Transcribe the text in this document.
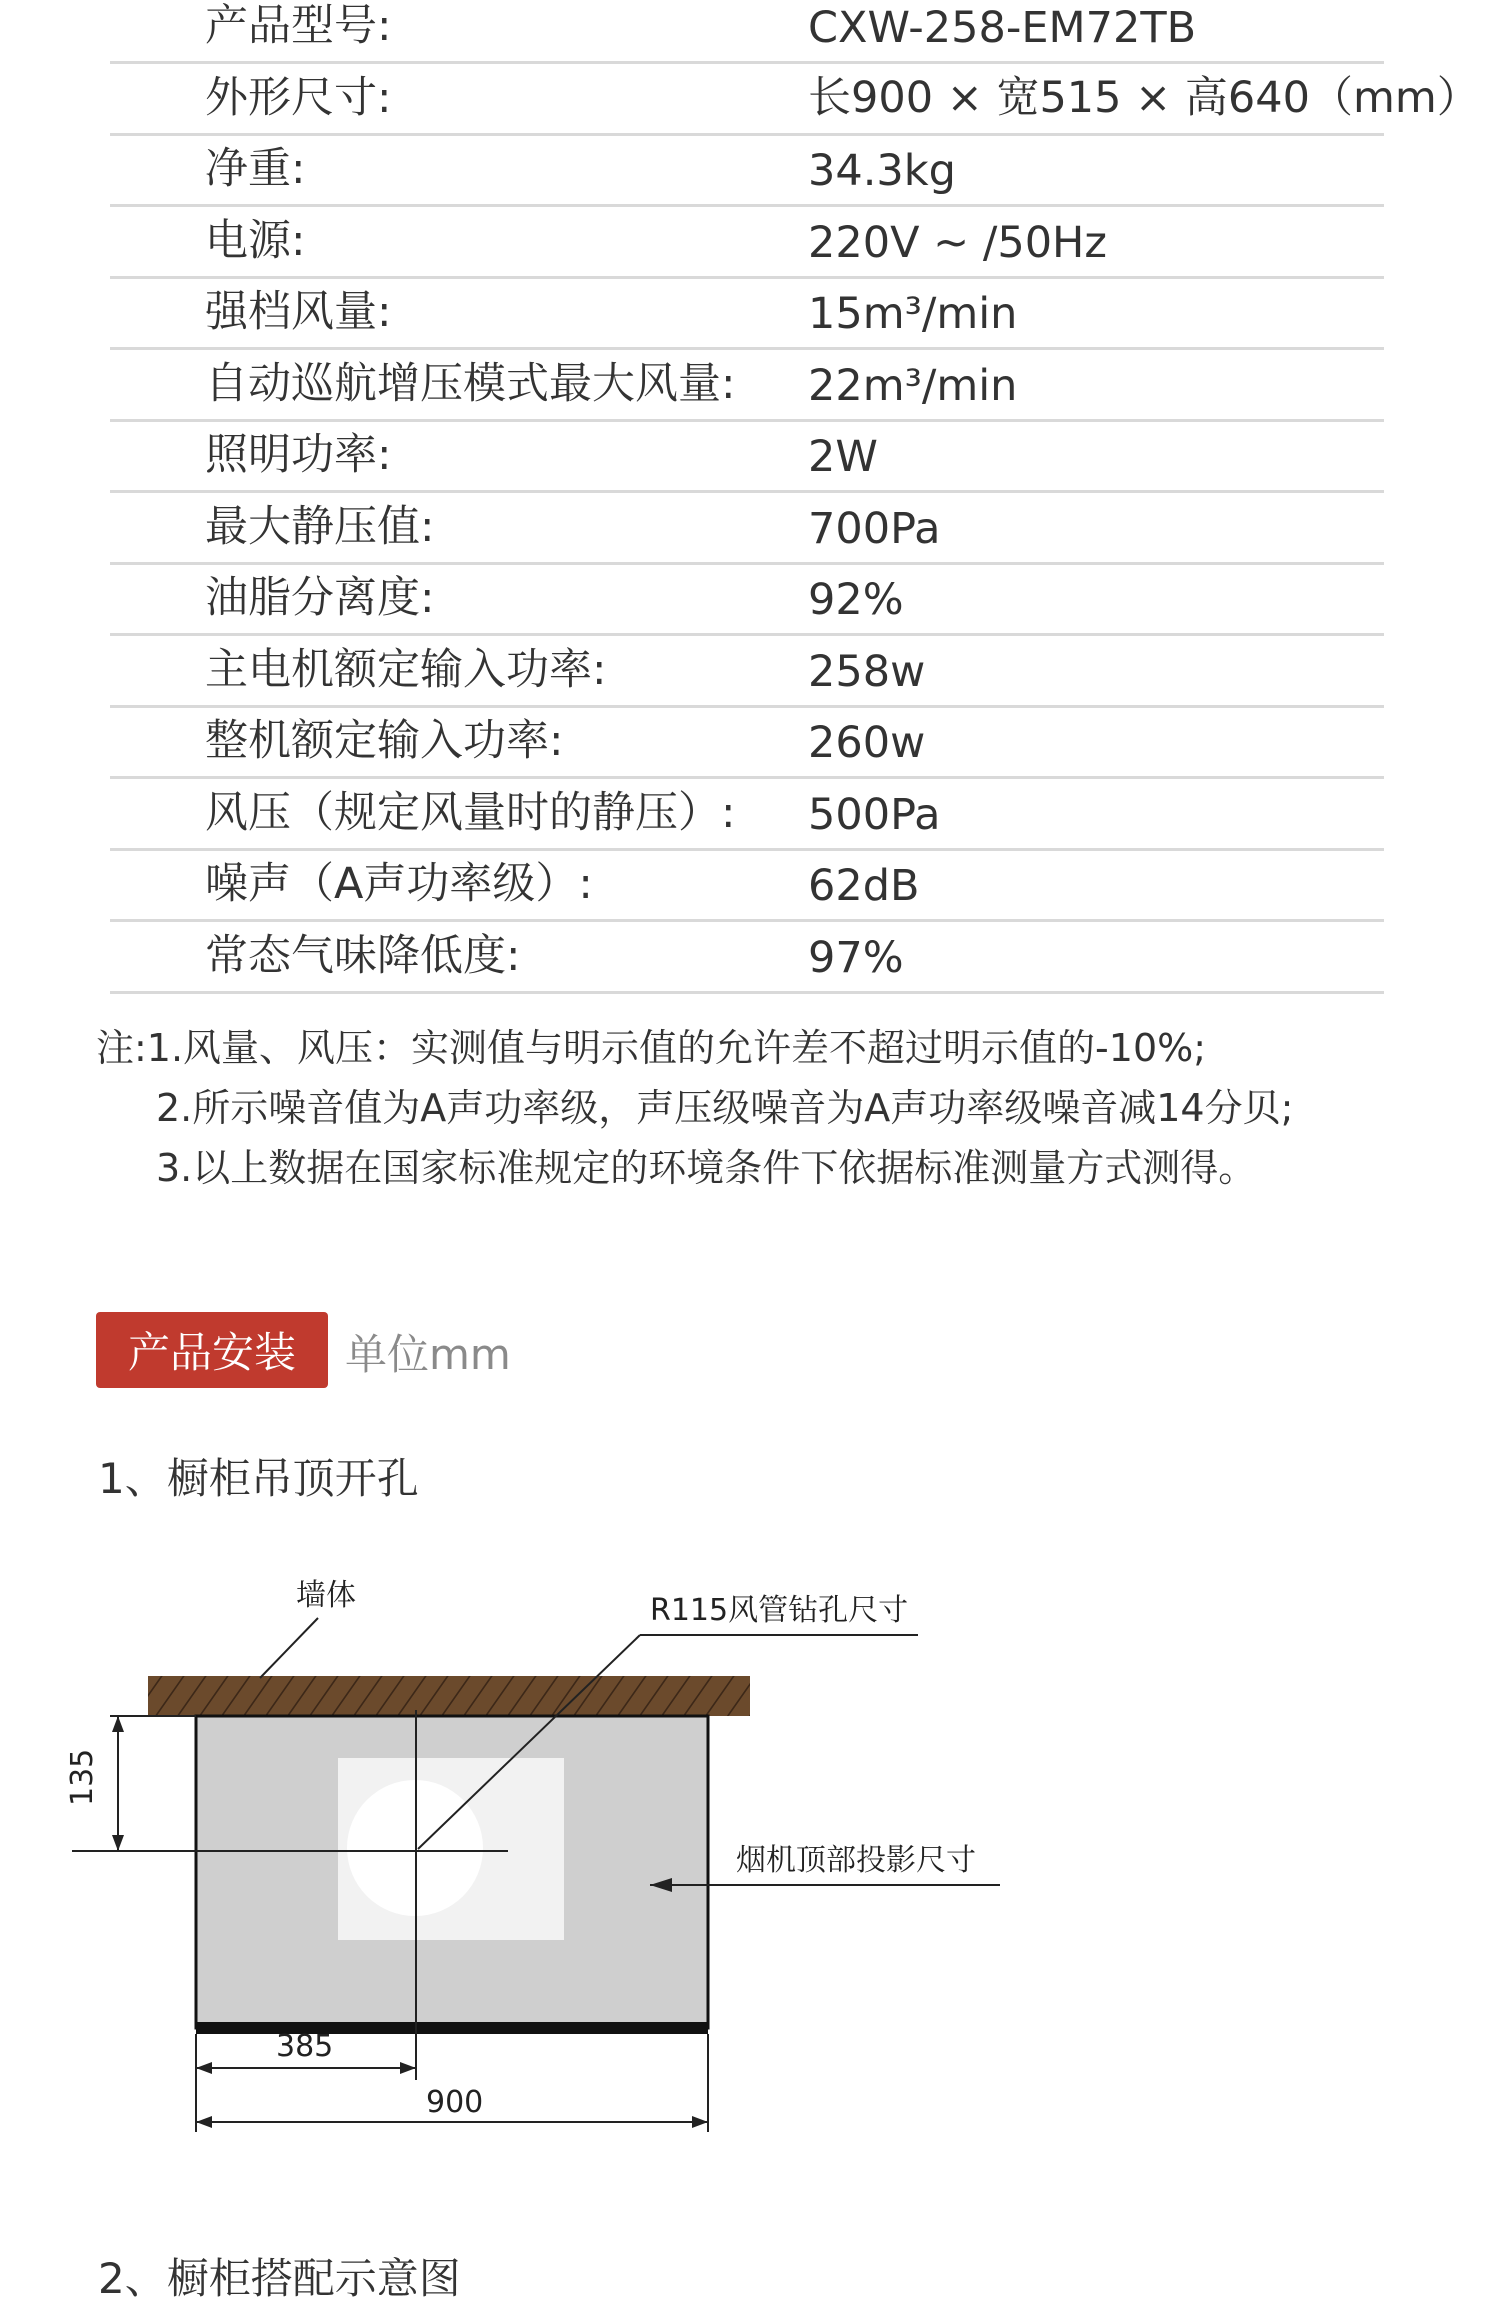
产品型号:	CXW-258-EM72TB
外形尺寸:	长900 × 宽515 × 高640（mm）
净重:	34.3kg
电源:	220V ~ /50Hz
强档风量:	15m³/min
自动巡航增压模式最大风量: 22m³/min
照明功率:	2W
最大静压值:	700Pa
油脂分离度:	92%
主电机额定输入功率:	258w
整机额定输入功率:	260w
风压（规定风量时的静压）: 500Pa
噪声（A声功率级）:	62dB
常态气味降低度:	97%
注:1.风量、风压：实测值与明示值的允许差不超过明示值的-10%;
2.所示噪音值为A声功率级，声压级噪音为A声功率级噪音减14分贝;
3.以上数据在国家标准规定的环境条件下依据标准测量方式测得。
产品安装	单位mm
1、橱柜吊顶开孔
墙体	R115风管钻孔尺寸
烟机顶部投影尺寸
135
385
900
2、橱柜搭配示意图
